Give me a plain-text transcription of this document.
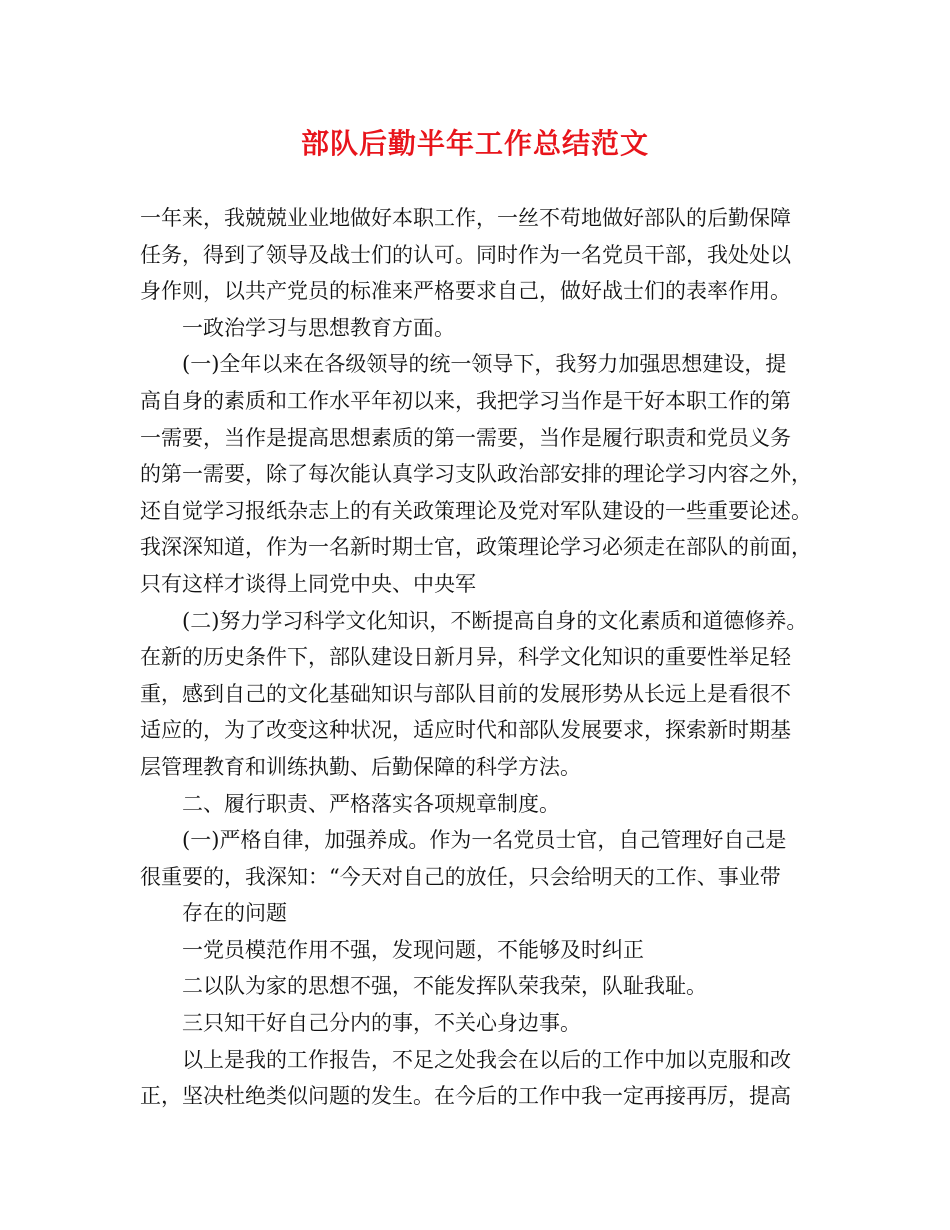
部队后勤半年工作总结范文
一年来，我兢兢业业地做好本职工作，一丝不苟地做好部队的后勤保障
任务，得到了领导及战士们的认可。同时作为一名党员干部，我处处以
身作则，以共产党员的标准来严格要求自己，做好战士们的表率作用。
一政治学习与思想教育方面。
(一)全年以来在各级领导的统一领导下，我努力加强思想建设，提
高自身的素质和工作水平年初以来，我把学习当作是干好本职工作的第
一需要，当作是提高思想素质的第一需要，当作是履行职责和党员义务
的第一需要，除了每次能认真学习支队政治部安排的理论学习内容之外，
还自觉学习报纸杂志上的有关政策理论及党对军队建设的一些重要论述。
我深深知道，作为一名新时期士官，政策理论学习必须走在部队的前面，
只有这样才谈得上同党中央、中央军
(二)努力学习科学文化知识，不断提高自身的文化素质和道德修养。
在新的历史条件下，部队建设日新月异，科学文化知识的重要性举足轻
重，感到自己的文化基础知识与部队目前的发展形势从长远上是看很不
适应的，为了改变这种状况，适应时代和部队发展要求，探索新时期基
层管理教育和训练执勤、后勤保障的科学方法。
二、履行职责、严格落实各项规章制度。
(一)严格自律，加强养成。作为一名党员士官，自己管理好自己是
很重要的，我深知：“今天对自己的放任，只会给明天的工作、事业带
存在的问题
一党员模范作用不强，发现问题，不能够及时纠正
二以队为家的思想不强，不能发挥队荣我荣，队耻我耻。
三只知干好自己分内的事，不关心身边事。
以上是我的工作报告，不足之处我会在以后的工作中加以克服和改
正，坚决杜绝类似问题的发生。在今后的工作中我一定再接再厉，提高
